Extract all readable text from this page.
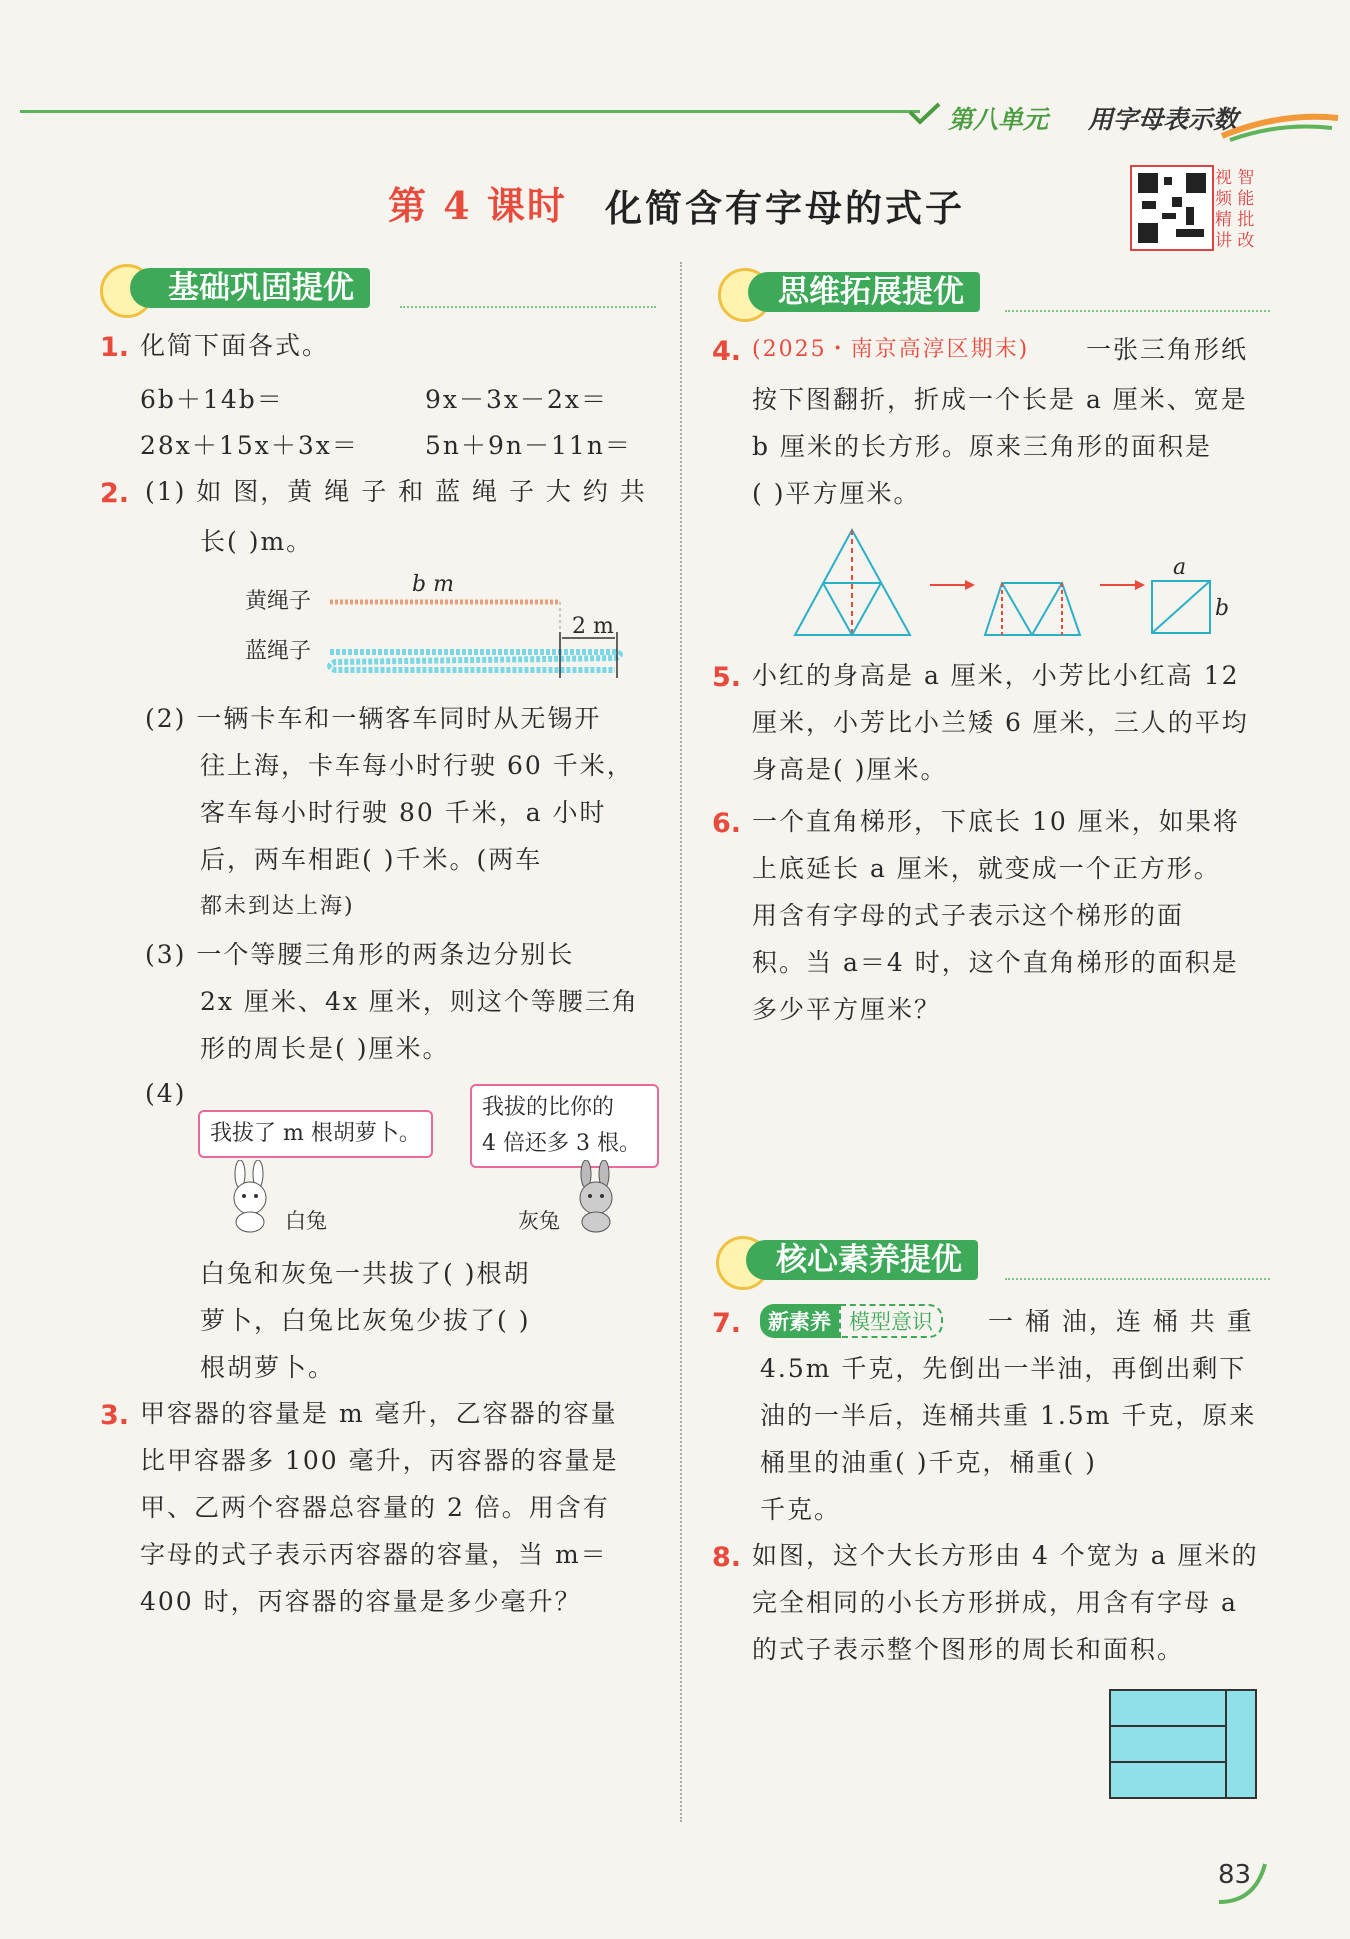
第八单元 用字母表示数
第 4 课时 化简含有字母的式子
视 智
频 能
精 批
讲 改
基础巩固提优
1. 化简下面各式。
6b＋14b＝	9x－3x－2x＝
28x＋15x＋3x＝	5n＋9n－11n＝
2. (1) 如 图，黄 绳 子 和 蓝 绳 子 大 约 共
长( )m。
黄绳子
蓝绳子
b m
2 m
(2) 一辆卡车和一辆客车同时从无锡开
往上海，卡车每小时行驶 60 千米，
客车每小时行驶 80 千米，a 小时
后，两车相距( )千米。(两车
都未到达上海)
(3) 一个等腰三角形的两条边分别长
2x 厘米、4x 厘米，则这个等腰三角
形的周长是( )厘米。
(4)
我拔了 m 根胡萝卜。
我拔的比你的
4 倍还多 3 根。
白兔	灰兔
白兔和灰兔一共拔了( )根胡
萝卜，白兔比灰兔少拔了( )
根胡萝卜。
3. 甲容器的容量是 m 毫升，乙容器的容量
比甲容器多 100 毫升，丙容器的容量是
甲、乙两个容器总容量的 2 倍。用含有
字母的式子表示丙容器的容量，当 m＝
400 时，丙容器的容量是多少毫升？
思维拓展提优
4. (2025・南京高淳区期末) 一张三角形纸
按下图翻折，折成一个长是 a 厘米、宽是
b 厘米的长方形。原来三角形的面积是
( )平方厘米。
a
b
5. 小红的身高是 a 厘米，小芳比小红高 12
厘米，小芳比小兰矮 6 厘米，三人的平均
身高是( )厘米。
6. 一个直角梯形，下底长 10 厘米，如果将
上底延长 a 厘米，就变成一个正方形。
用含有字母的式子表示这个梯形的面
积。当 a＝4 时，这个直角梯形的面积是
多少平方厘米？
核心素养提优
7.	新素养 模型意识	一 桶 油，连 桶 共 重
4.5m 千克，先倒出一半油，再倒出剩下
油的一半后，连桶共重 1.5m 千克，原来
桶里的油重( )千克，桶重( )
千克。
8. 如图，这个大长方形由 4 个宽为 a 厘米的
完全相同的小长方形拼成，用含有字母 a
的式子表示整个图形的周长和面积。
83
